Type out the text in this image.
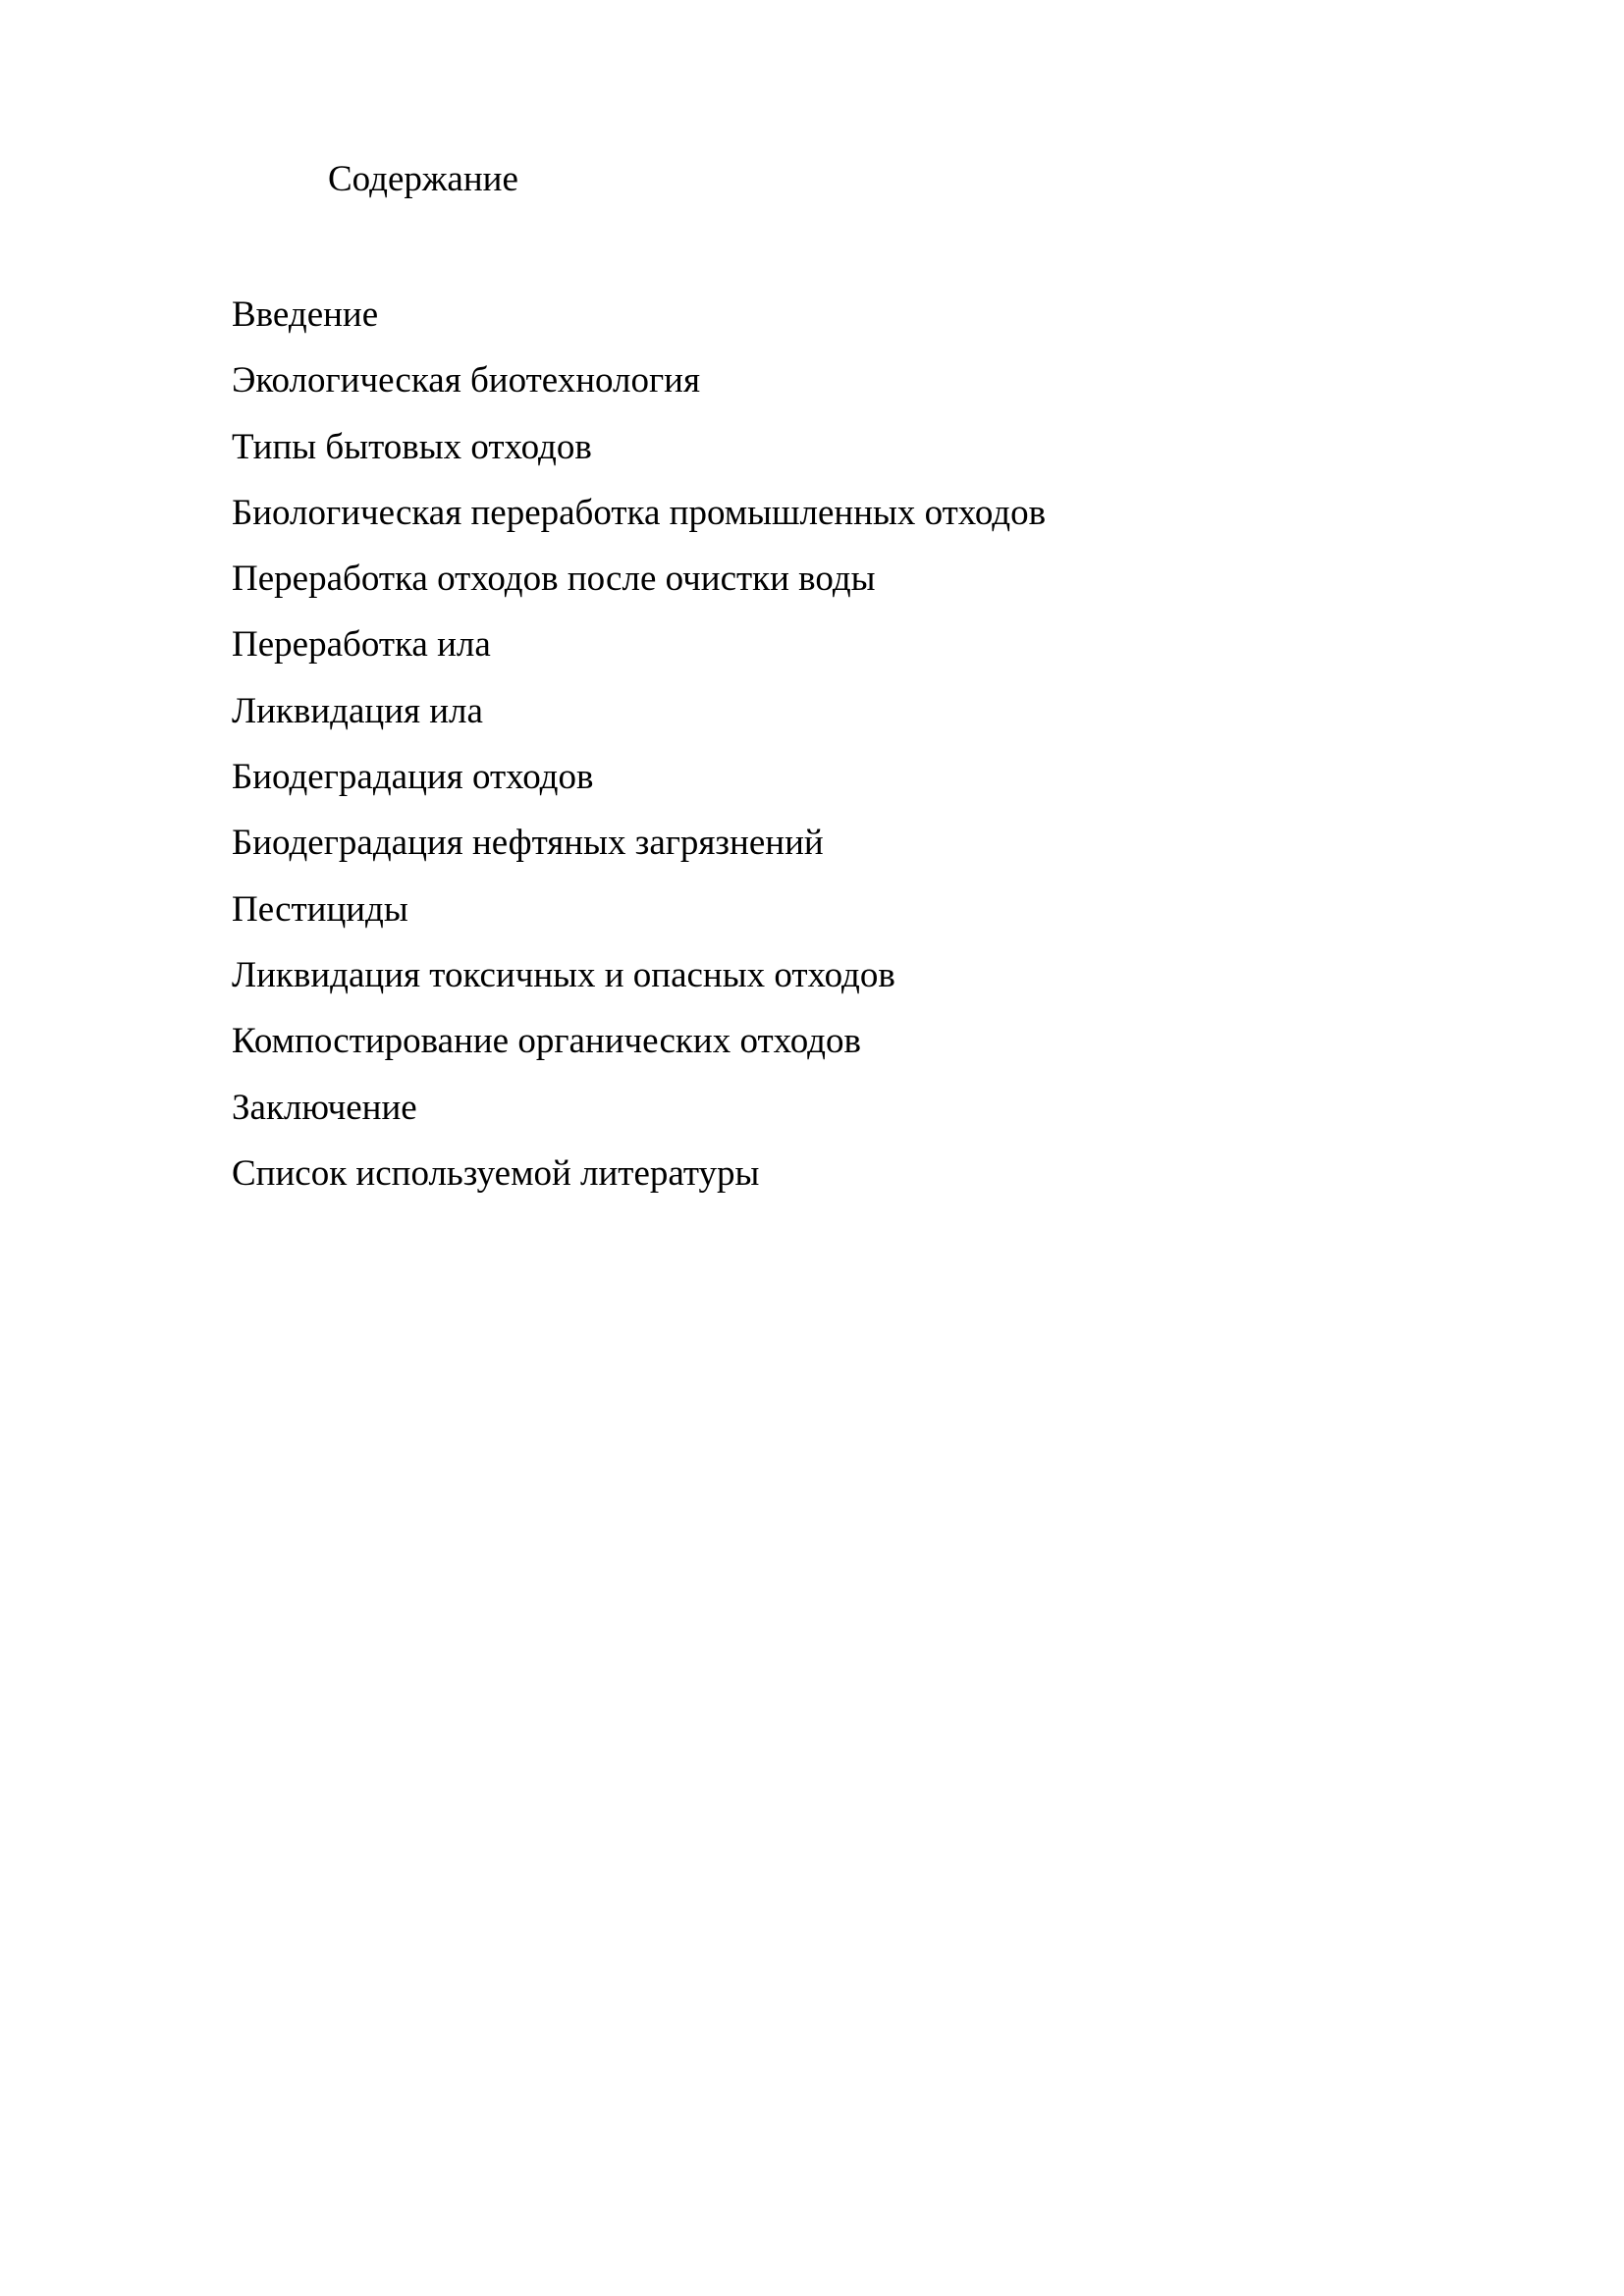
Содержание
Введение
Экологическая биотехнология
Типы бытовых отходов
Биологическая переработка промышленных отходов
Переработка отходов после очистки воды
Переработка ила
Ликвидация ила
Биодеградация отходов
Биодеградация нефтяных загрязнений
Пестициды
Ликвидация токсичных и опасных отходов
Компостирование органических отходов
Заключение
Список используемой литературы
